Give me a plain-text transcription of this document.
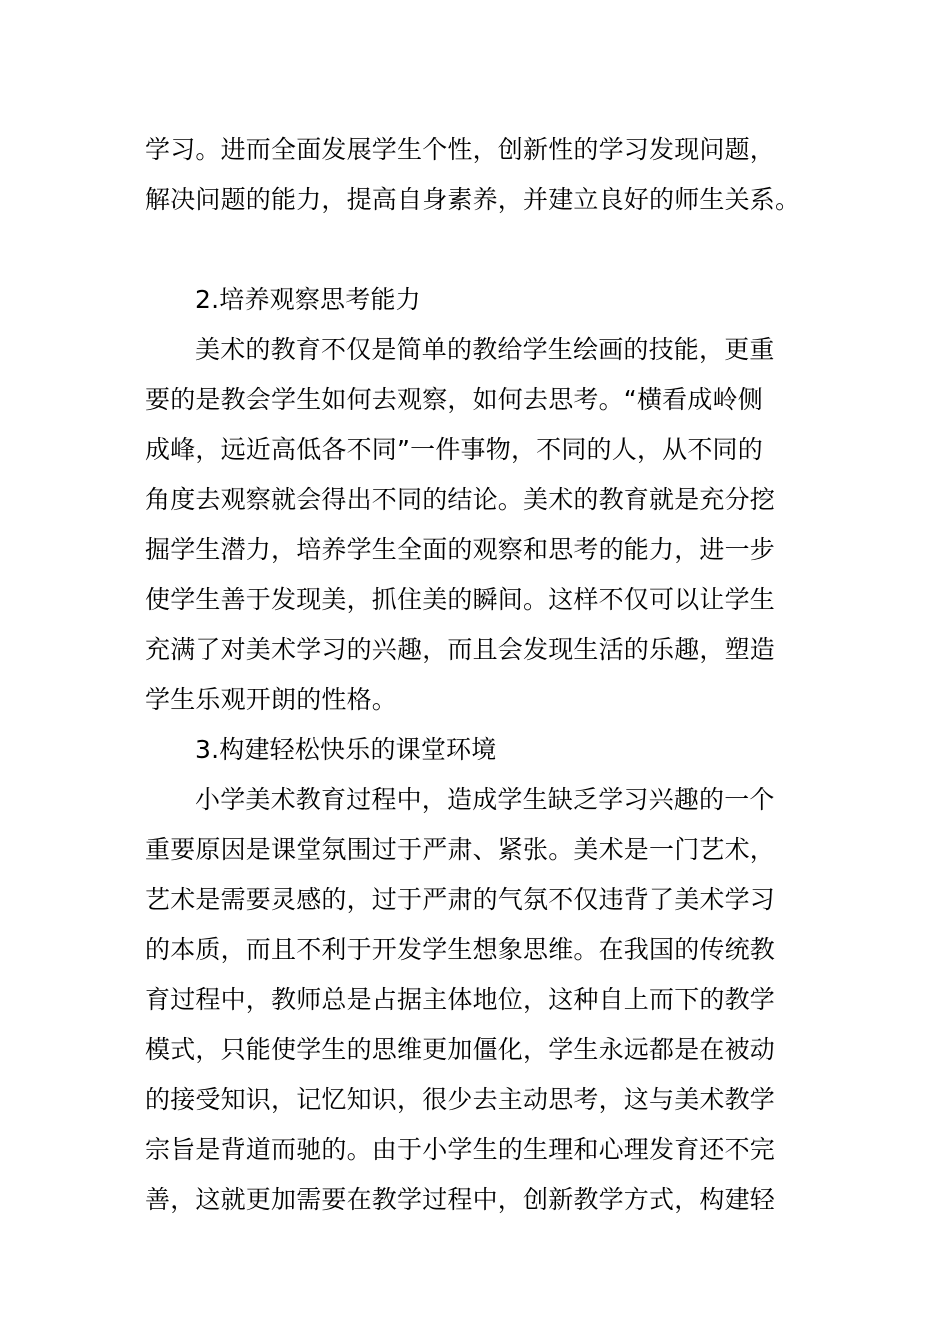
学习。进而全面发展学生个性，创新性的学习发现问题，
解决问题的能力，提高自身素养，并建立良好的师生关系。
2.培养观察思考能力
美术的教育不仅是简单的教给学生绘画的技能，更重
要的是教会学生如何去观察，如何去思考。“横看成岭侧
成峰，远近高低各不同”一件事物，不同的人，从不同的
角度去观察就会得出不同的结论。美术的教育就是充分挖
掘学生潜力，培养学生全面的观察和思考的能力，进一步
使学生善于发现美，抓住美的瞬间。这样不仅可以让学生
充满了对美术学习的兴趣，而且会发现生活的乐趣，塑造
学生乐观开朗的性格。
3.构建轻松快乐的课堂环境
小学美术教育过程中，造成学生缺乏学习兴趣的一个
重要原因是课堂氛围过于严肃、紧张。美术是一门艺术，
艺术是需要灵感的，过于严肃的气氛不仅违背了美术学习
的本质，而且不利于开发学生想象思维。在我国的传统教
育过程中，教师总是占据主体地位，这种自上而下的教学
模式，只能使学生的思维更加僵化，学生永远都是在被动
的接受知识，记忆知识，很少去主动思考，这与美术教学
宗旨是背道而驰的。由于小学生的生理和心理发育还不完
善，这就更加需要在教学过程中，创新教学方式，构建轻
